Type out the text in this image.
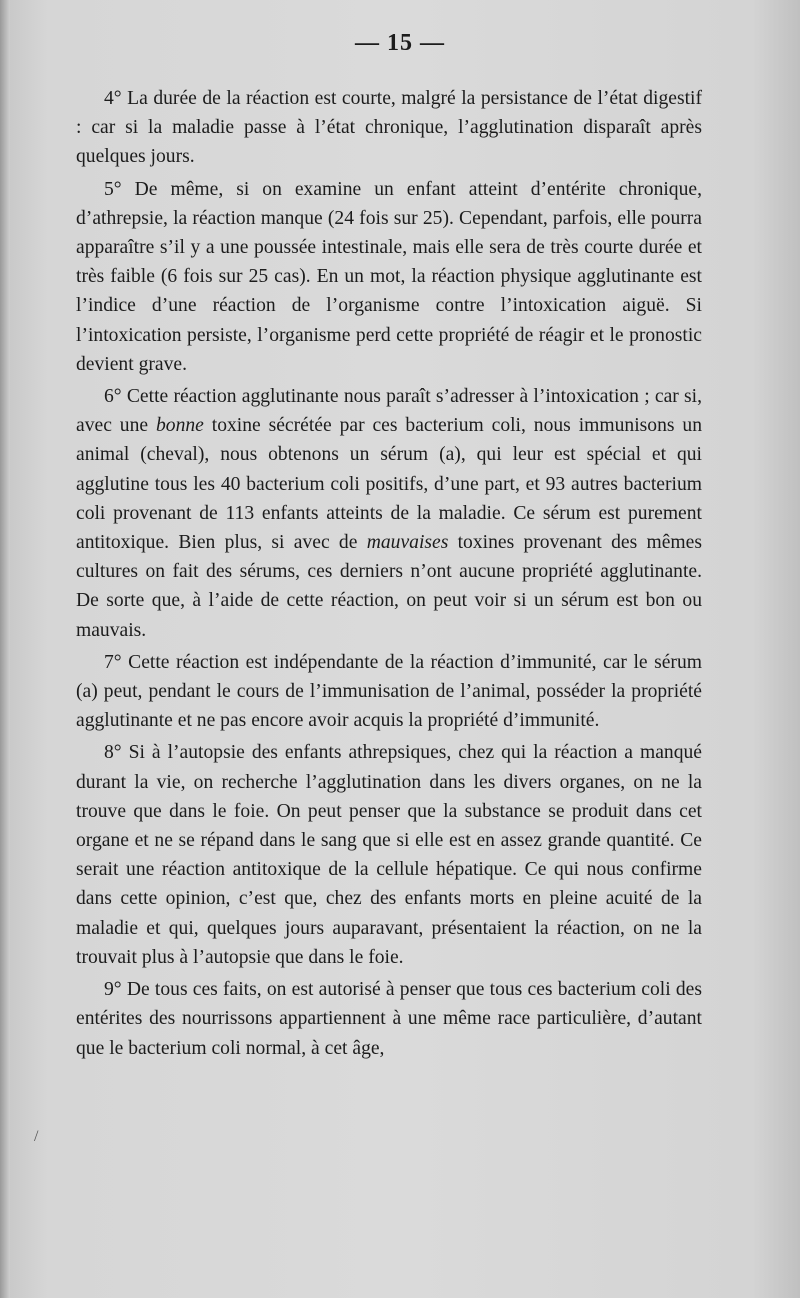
— 15 —

4° La durée de la réaction est courte, malgré la persistance de l’état digestif : car si la maladie passe à l’état chronique, l’agglutination disparaît après quelques jours.

5° De même, si on examine un enfant atteint d’entérite chronique, d’athrepsie, la réaction manque (24 fois sur 25). Cependant, parfois, elle pourra apparaître s’il y a une poussée intestinale, mais elle sera de très courte durée et très faible (6 fois sur 25 cas). En un mot, la réaction physique agglutinante est l’indice d’une réaction de l’organisme contre l’intoxication aiguë. Si l’intoxication persiste, l’organisme perd cette propriété de réagir et le pronostic devient grave.

6° Cette réaction agglutinante nous paraît s’adresser à l’intoxication ; car si, avec une bonne toxine sécrétée par ces bacterium coli, nous immunisons un animal (cheval), nous obtenons un sérum (a), qui leur est spécial et qui agglutine tous les 40 bacterium coli positifs, d’une part, et 93 autres bacterium coli provenant de 113 enfants atteints de la maladie. Ce sérum est purement antitoxique. Bien plus, si avec de mauvaises toxines provenant des mêmes cultures on fait des sérums, ces derniers n’ont aucune propriété agglutinante. De sorte que, à l’aide de cette réaction, on peut voir si un sérum est bon ou mauvais.

7° Cette réaction est indépendante de la réaction d’immunité, car le sérum (a) peut, pendant le cours de l’immunisation de l’animal, posséder la propriété agglutinante et ne pas encore avoir acquis la propriété d’immunité.

8° Si à l’autopsie des enfants athrepsiques, chez qui la réaction a manqué durant la vie, on recherche l’agglutination dans les divers organes, on ne la trouve que dans le foie. On peut penser que la substance se produit dans cet organe et ne se répand dans le sang que si elle est en assez grande quantité. Ce serait une réaction antitoxique de la cellule hépatique. Ce qui nous confirme dans cette opinion, c’est que, chez des enfants morts en pleine acuité de la maladie et qui, quelques jours auparavant, présentaient la réaction, on ne la trouvait plus à l’autopsie que dans le foie.

9° De tous ces faits, on est autorisé à penser que tous ces bacterium coli des entérites des nourrissons appartiennent à une même race particulière, d’autant que le bacterium coli normal, à cet âge,

/
